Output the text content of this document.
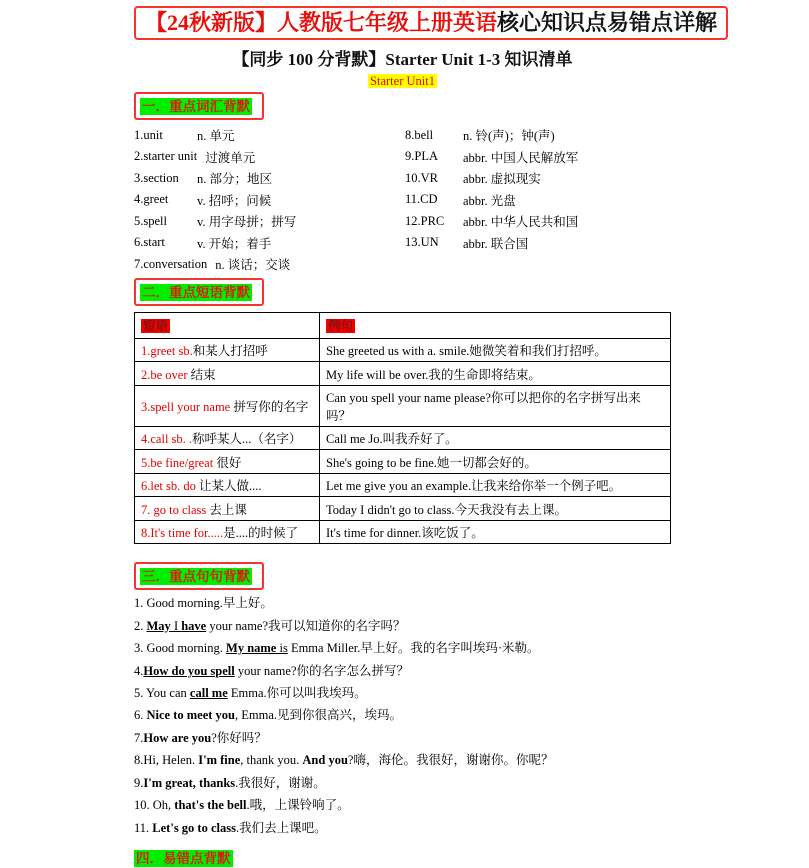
【24秋新版】人教版七年级上册英语核心知识点易错点详解
【同步 100 分背默】Starter Unit 1-3 知识清单
Starter Unit1
一．重点词汇背默
1.unit	n. 单元
2.starter unit 过渡单元
3.section	n. 部分；地区
4.greet	v. 招呼；问候
5.spell	v. 用字母拼；拼写
6.start	v. 开始；着手
7.conversation n. 谈话；交谈
8.bell	n. 铃(声)；钟(声)
9.PLA	abbr. 中国人民解放军
10.VR	abbr. 虚拟现实
11.CD	abbr. 光盘
12.PRC	abbr. 中华人民共和国
13.UN	abbr. 联合国
二．重点短语背默
短语	例句
1.greet sb.和某人打招呼	She greeted us with a. smile.她微笑着和我们打招呼。
2.be over 结束	My life will be over.我的生命即将结束。
3.spell your name 拼写你的名字	Can you spell your name please?你可以把你的名字拼写出来吗？
4.call sb. .称呼某人...（名字）	Call me Jo.叫我乔好了。
5.be fine/great 很好	She's going to be fine.她一切都会好的。
6.let sb. do 让某人做....	Let me give you an example.让我来给你举一个例子吧。
7. go to class 去上课	Today I didn't go to class.今天我没有去上课。
8.It's time for.....是....的时候了	It's time for dinner.该吃饭了。
三．重点句句背默
1. Good morning.早上好。
2. May I have your name?我可以知道你的名字吗？
3. Good morning. My name is Emma Miller.早上好。我的名字叫埃玛·米勒。
4.How do you spell your name?你的名字怎么拼写？
5. You can call me Emma.你可以叫我埃玛。
6. Nice to meet you, Emma.见到你很高兴，埃玛。
7.How are you?你好吗？
8.Hi, Helen. I'm fine, thank you. And you?嗨，海伦。我很好，谢谢你。你呢？
9.I'm great, thanks.我很好，谢谢。
10. Oh, that's the bell.哦，上课铃响了。
11. Let's go to class.我们去上课吧。
四．易错点背默
